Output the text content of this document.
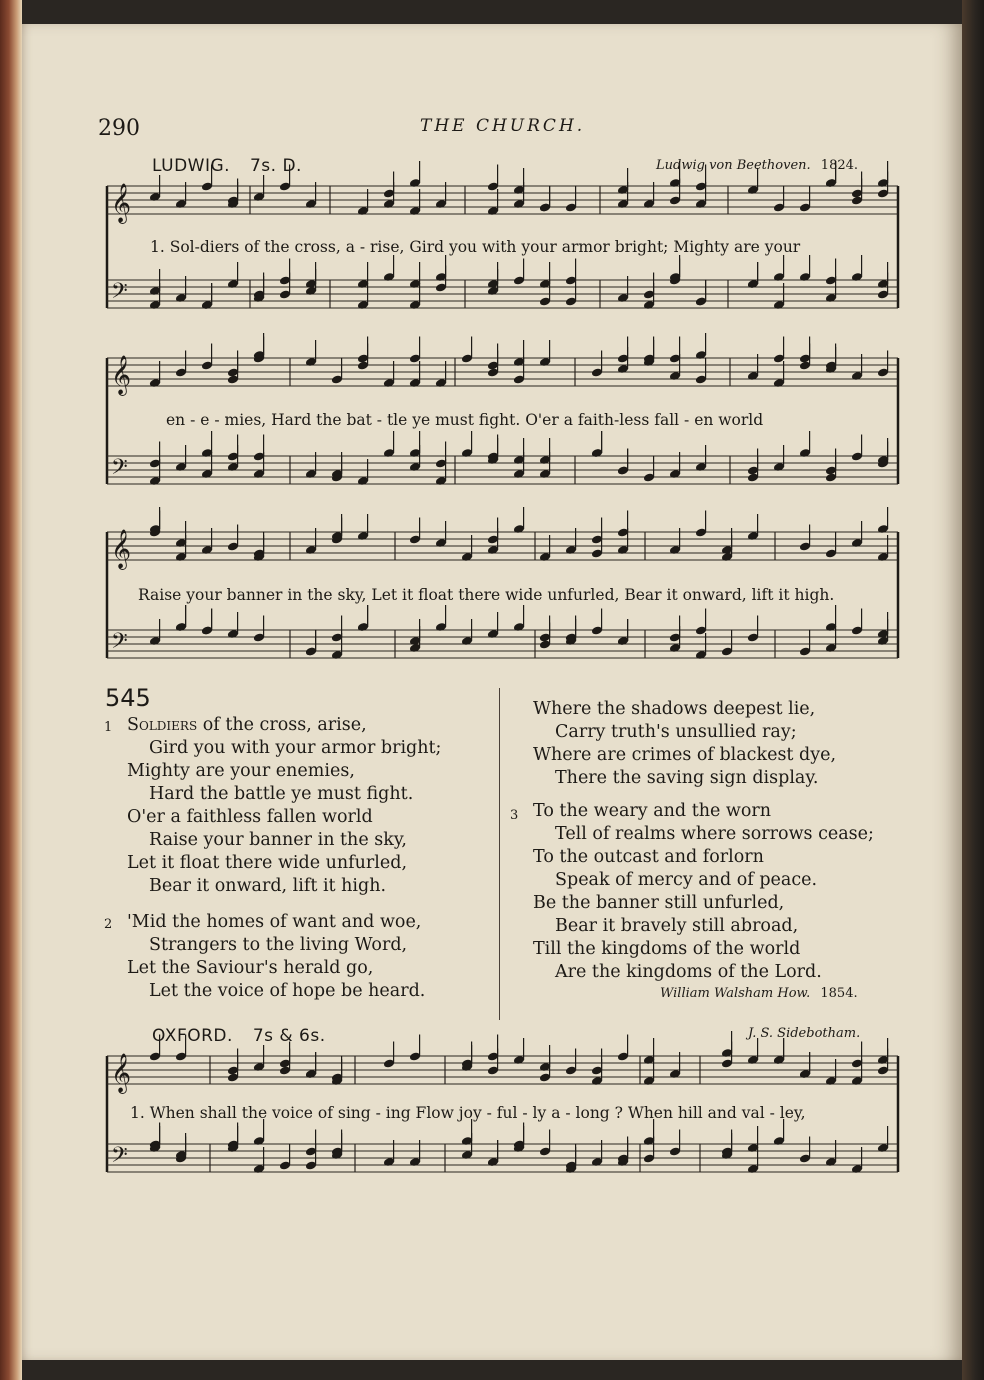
290	THE CHURCH.
LUDWIG. 7s. D.	Ludwig von Beethoven. 1824.
𝄞
𝄢
𝄞
𝄢
𝄞
𝄢
1. Sol-diers of the cross, a - rise, Gird you with your armor bright; Mighty are your
en - e - mies, Hard the bat - tle ye must fight. O'er a faith-less fall - en world
Raise your banner in the sky, Let it float there wide unfurled, Bear it onward, lift it high.
545
1 Soldiers of the cross, arise,
Gird you with your armor bright;
Mighty are your enemies,
Hard the battle ye must fight.
O'er a faithless fallen world
Raise your banner in the sky,
Let it float there wide unfurled,
Bear it onward, lift it high.
2 'Mid the homes of want and woe,
Strangers to the living Word,
Let the Saviour's herald go,
Let the voice of hope be heard.
Where the shadows deepest lie,
Carry truth's unsullied ray;
Where are crimes of blackest dye,
There the saving sign display.
3 To the weary and the worn
Tell of realms where sorrows cease;
To the outcast and forlorn
Speak of mercy and of peace.
Be the banner still unfurled,
Bear it bravely still abroad,
Till the kingdoms of the world
Are the kingdoms of the Lord.
William Walsham How. 1854.
OXFORD. 7s & 6s.	J. S. Sidebotham.
𝄞
𝄢
1. When shall the voice of sing - ing Flow joy - ful - ly a - long ? When hill and val - ley,
